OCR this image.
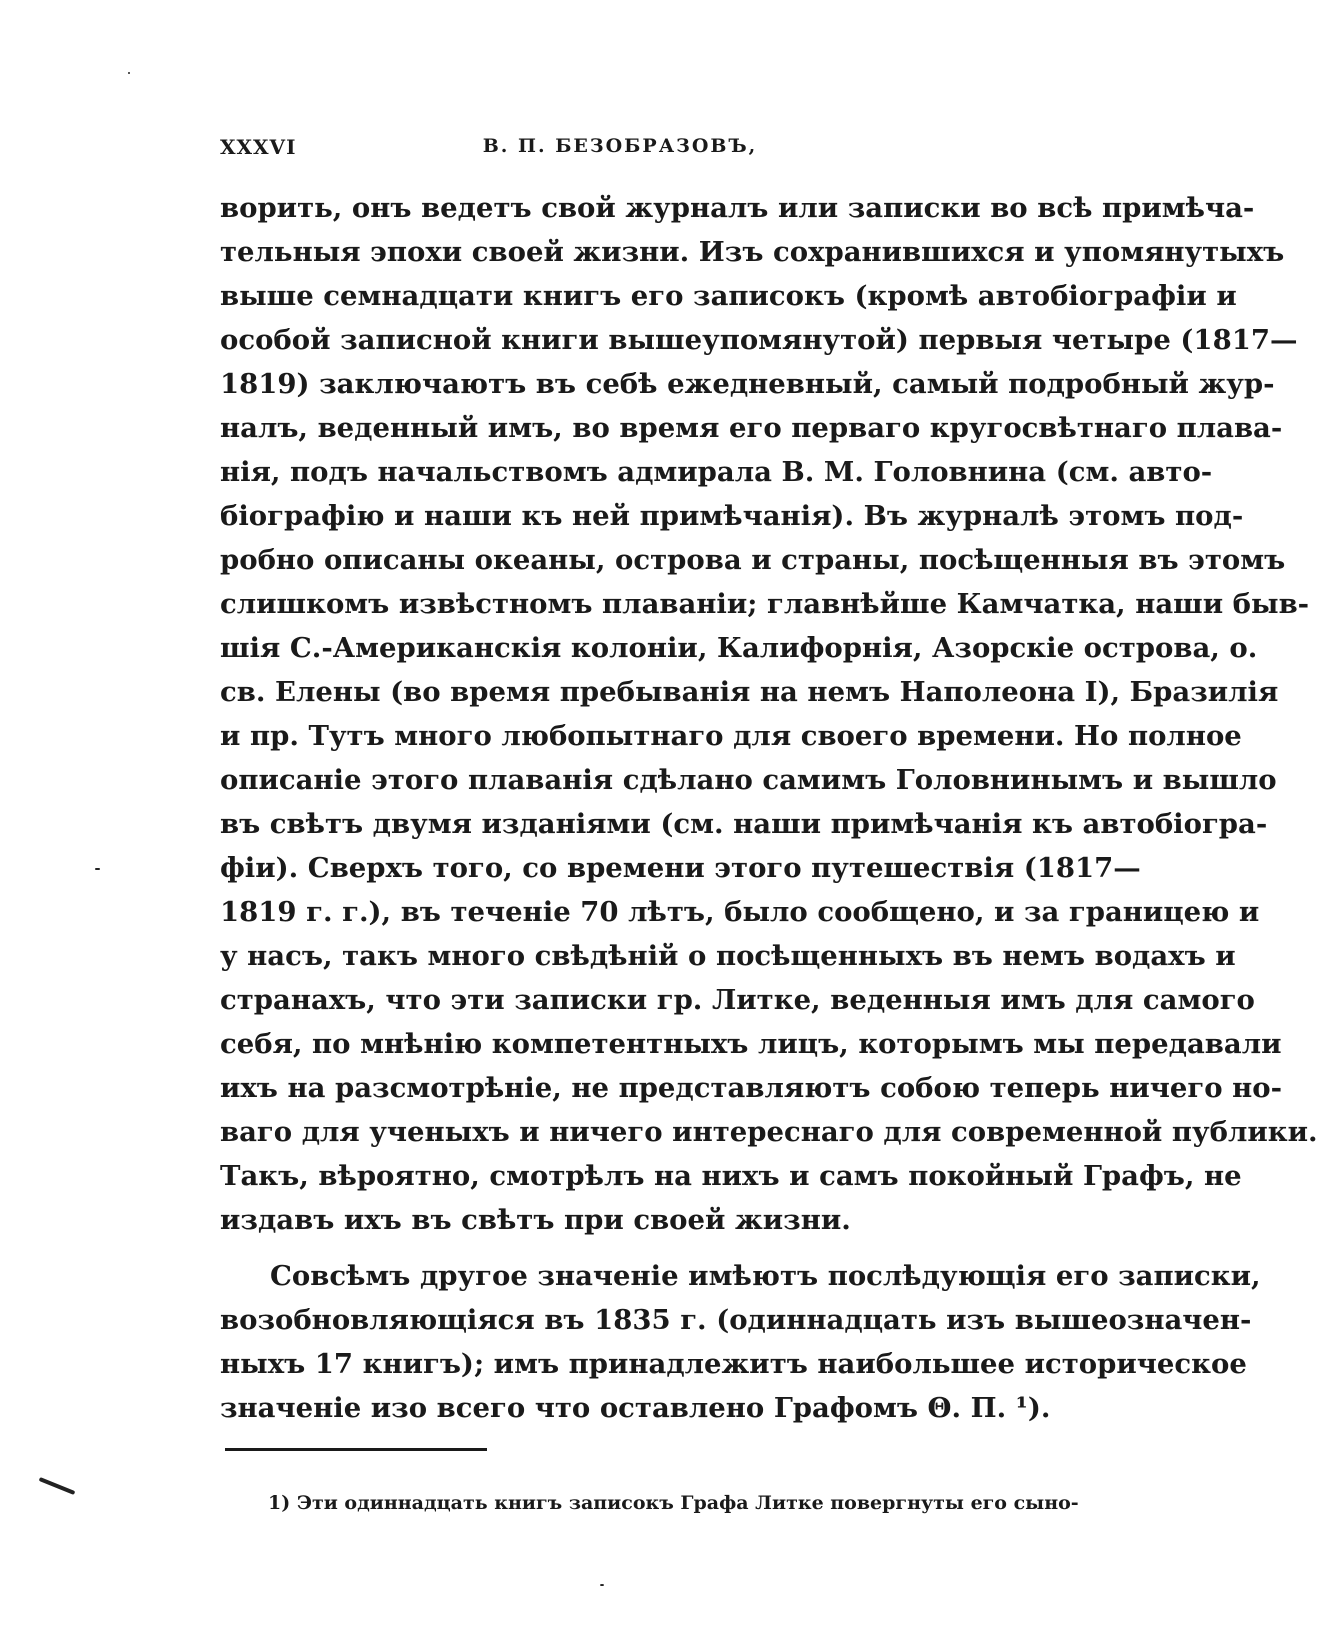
XXXVI	В. П. БЕЗОБРАЗОВЪ,
ворить, онъ ведетъ свой журналъ или записки во всѣ примѣча-
тельныя эпохи своей жизни. Изъ сохранившихся и упомянутыхъ
выше семнадцати книгъ его записокъ (кромѣ автобіографіи и
особой записной книги вышеупомянутой) первыя четыре (1817—
1819) заключаютъ въ себѣ ежедневный, самый подробный жур-
налъ, веденный имъ, во время его перваго кругосвѣтнаго плава-
нія, подъ начальствомъ адмирала В. М. Головнина (см. авто-
біографію и наши къ ней примѣчанія). Въ журналѣ этомъ под-
робно описаны океаны, острова и страны, посѣщенныя въ этомъ
слишкомъ извѣстномъ плаваніи; главнѣйше Камчатка, наши быв-
шія С.-Американскія колоніи, Калифорнія, Азорскіе острова, о.
св. Елены (во время пребыванія на немъ Наполеона I), Бразилія
и пр. Тутъ много любопытнаго для своего времени. Но полное
описаніе этого плаванія сдѣлано самимъ Головнинымъ и вышло
въ свѣтъ двумя изданіями (см. наши примѣчанія къ автобіогра-
фіи). Сверхъ того, со времени этого путешествія (1817—
1819 г. г.), въ теченіе 70 лѣтъ, было сообщено, и за границею и
у насъ, такъ много свѣдѣній о посѣщенныхъ въ немъ водахъ и
странахъ, что эти записки гр. Литке, веденныя имъ для самого
себя, по мнѣнію компетентныхъ лицъ, которымъ мы передавали
ихъ на разсмотрѣніе, не представляютъ собою теперь ничего но-
ваго для ученыхъ и ничего интереснаго для современной публики.
Такъ, вѣроятно, смотрѣлъ на нихъ и самъ покойный Графъ, не
издавъ ихъ въ свѣтъ при своей жизни.
Совсѣмъ другое значеніе имѣютъ послѣдующія его записки,
возобновляющіяся въ 1835 г. (одиннадцать изъ вышеозначен-
ныхъ 17 книгъ); имъ принадлежитъ наибольшее историческое
значеніе изо всего что оставлено Графомъ Θ. П. ¹).
1) Эти одиннадцать книгъ записокъ Графа Литке повергнуты его сыно-
